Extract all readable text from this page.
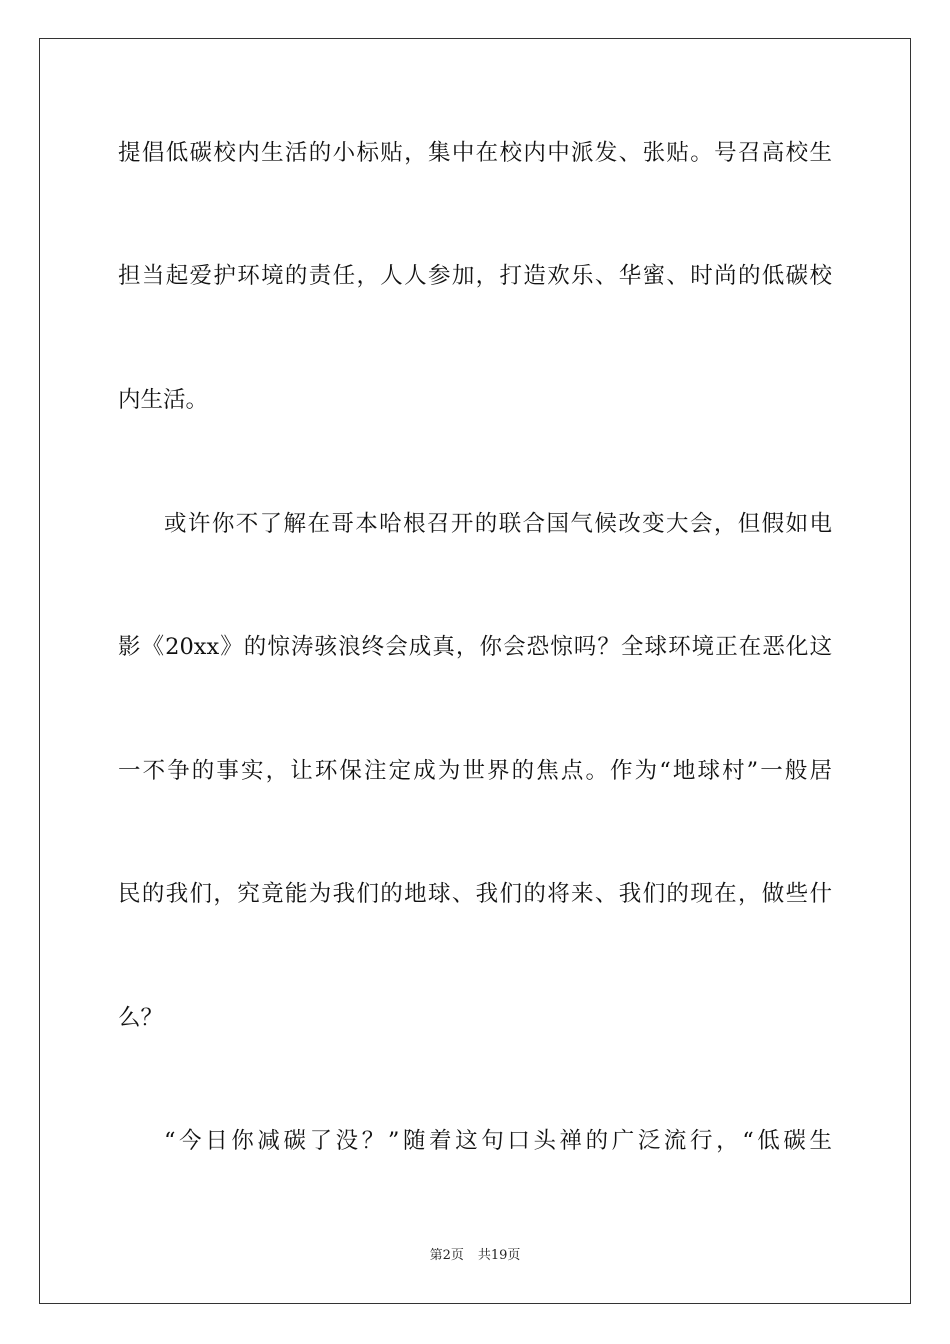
提倡低碳校内生活的小标贴，集中在校内中派发、张贴。号召高校生
担当起爱护环境的责任，人人参加，打造欢乐、华蜜、时尚的低碳校
内生活。
或许你不了解在哥本哈根召开的联合国气候改变大会，但假如电
影《20xx》的惊涛骇浪终会成真，你会恐惊吗？全球环境正在恶化这
一不争的事实，让环保注定成为世界的焦点。作为“地球村”一般居
民的我们，究竟能为我们的地球、我们的将来、我们的现在，做些什
么？
“今日你减碳了没？”随着这句口头禅的广泛流行，“低碳生
第2页 共19页
